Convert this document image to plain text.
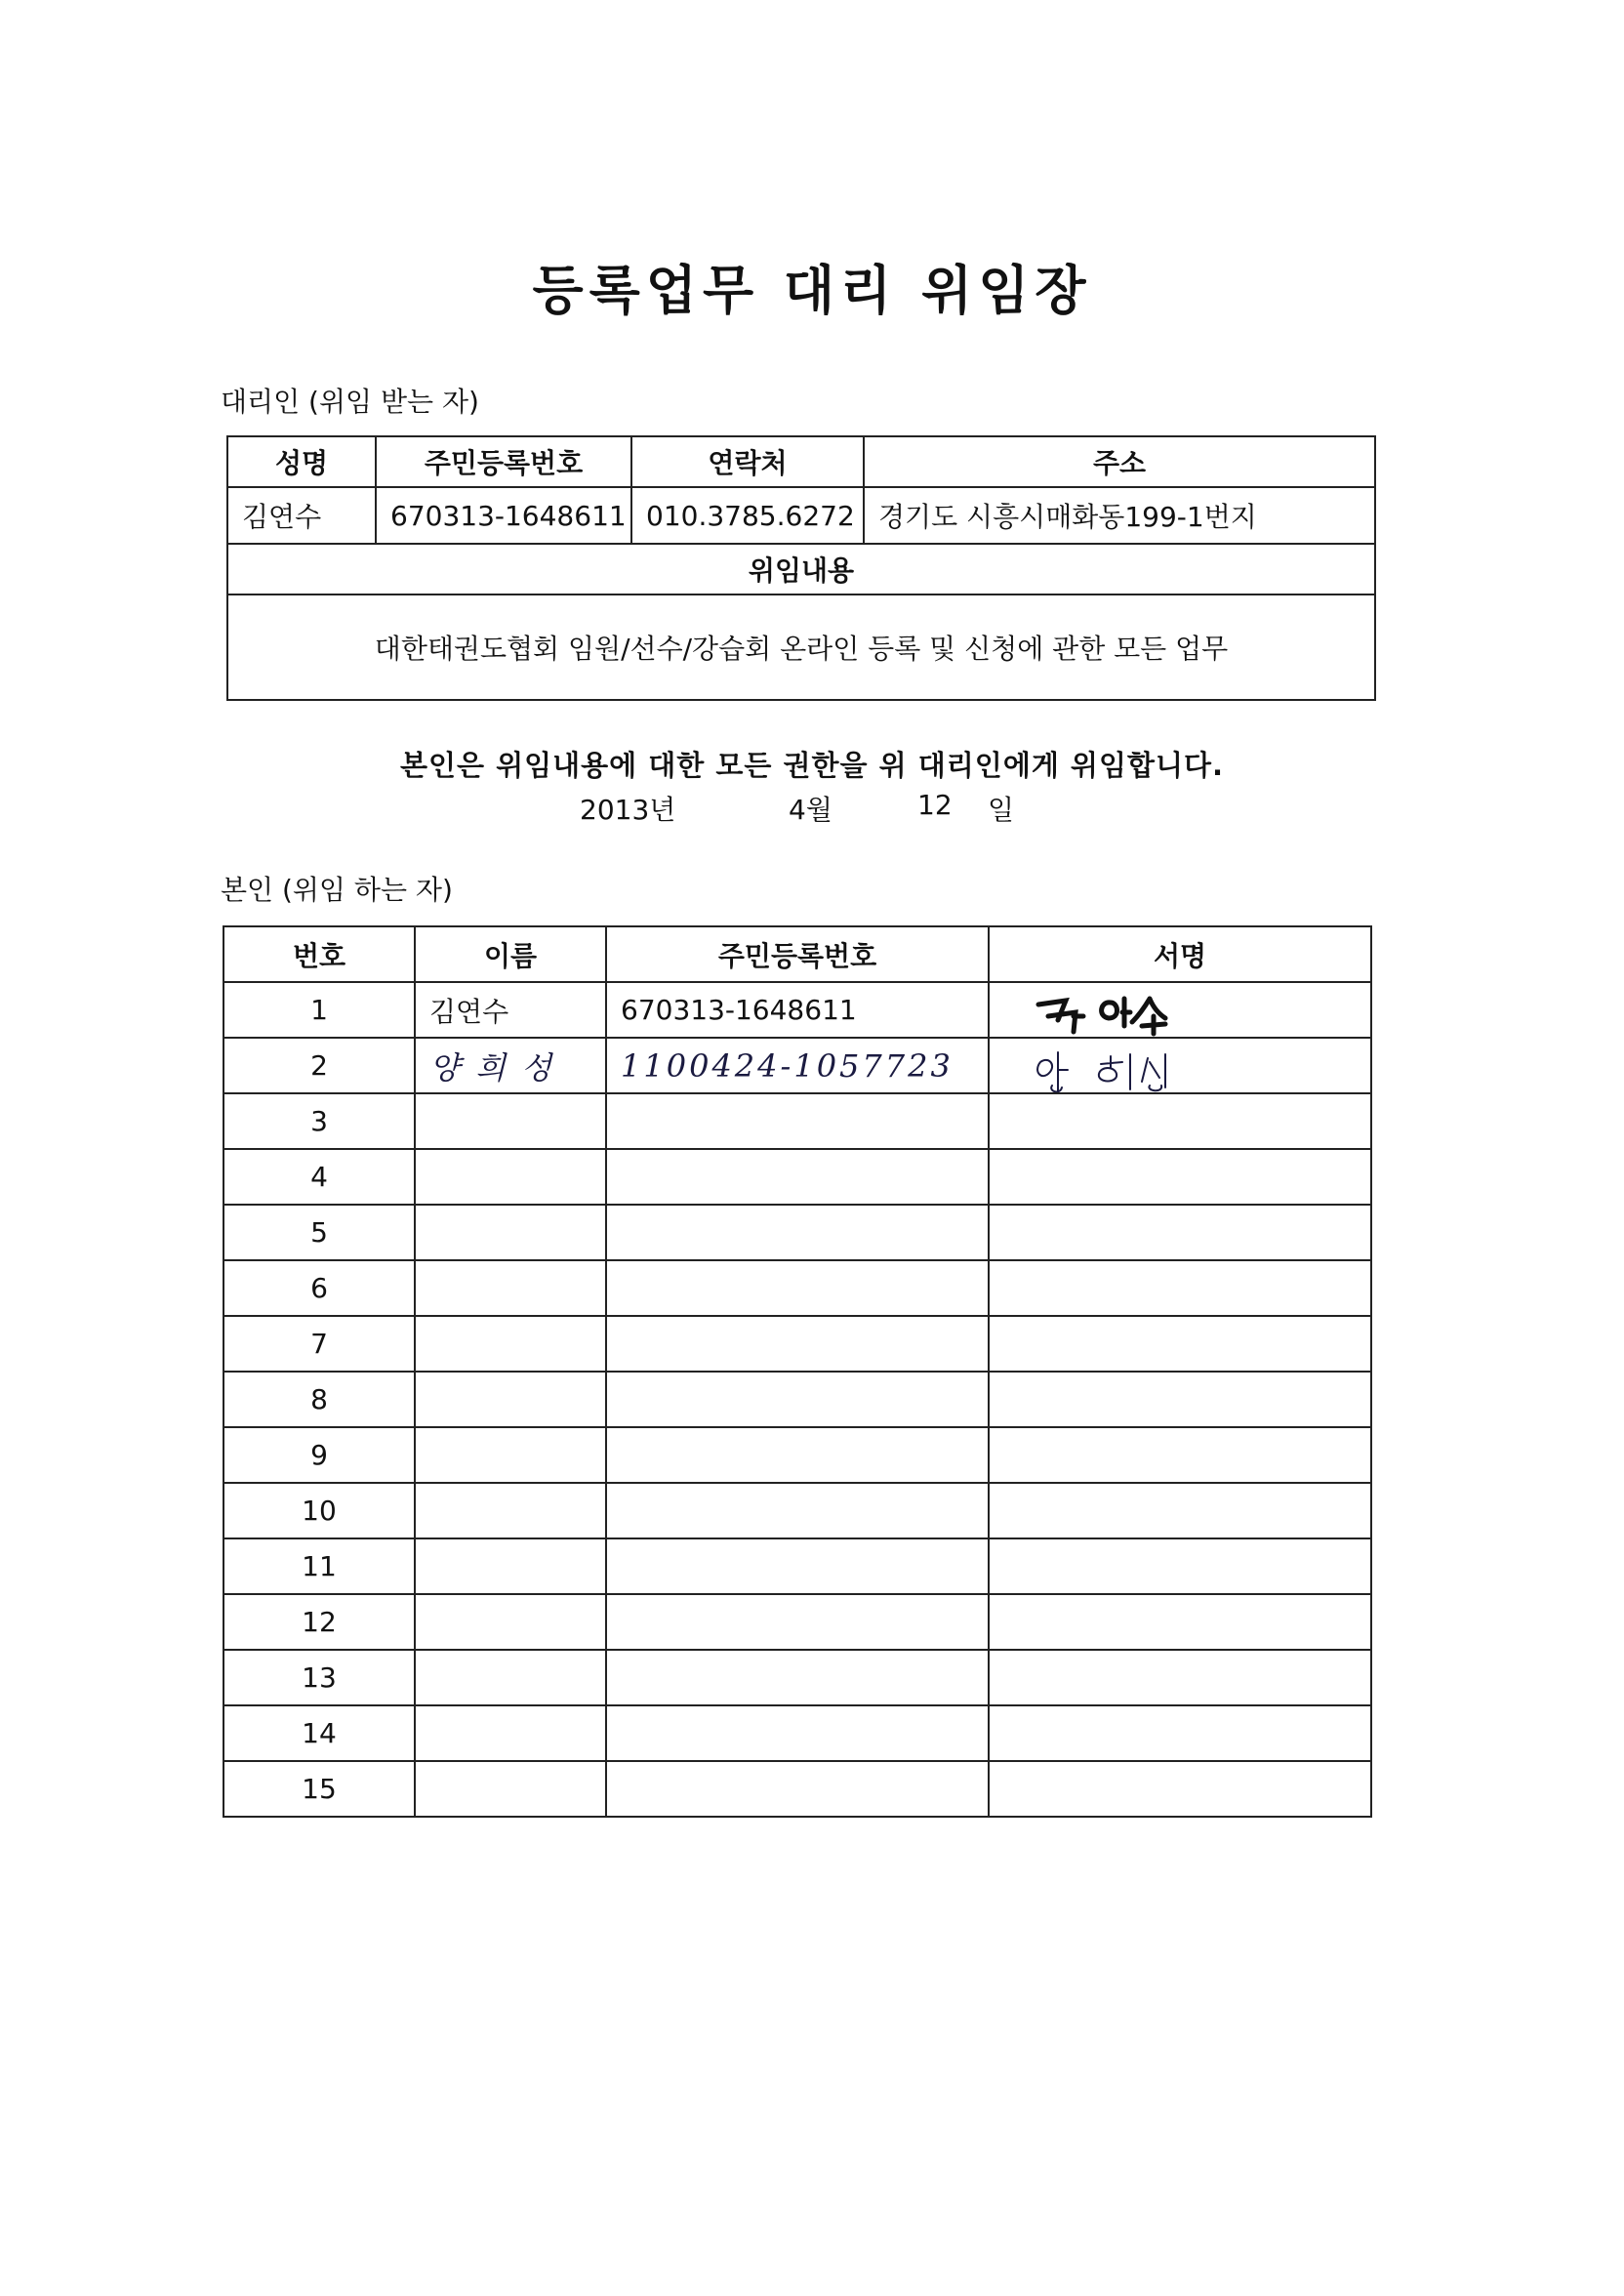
등록업무 대리 위임장
대리인 (위임 받는 자)
성명	주민등록번호	연락처	주소
김연수	670313-1648611	010.3785.6272	경기도 시흥시매화동199-1번지
위임내용			
대한태권도협회 임원/선수/강습회 온라인 등록 및 신청에 관한 모든 업무			
본인은 위임내용에 대한 모든 권한을 위 대리인에게 위임합니다.
2013년	4월	12 일
본인 (위임 하는 자)
번호	이름	주민등록번호	서명
1	김연수	670313-1648611	

2	양 희 성	1100424-1057723	

3			
4			
5			
6			
7			
8			
9			
10			
11			
12			
13			
14			
15			
